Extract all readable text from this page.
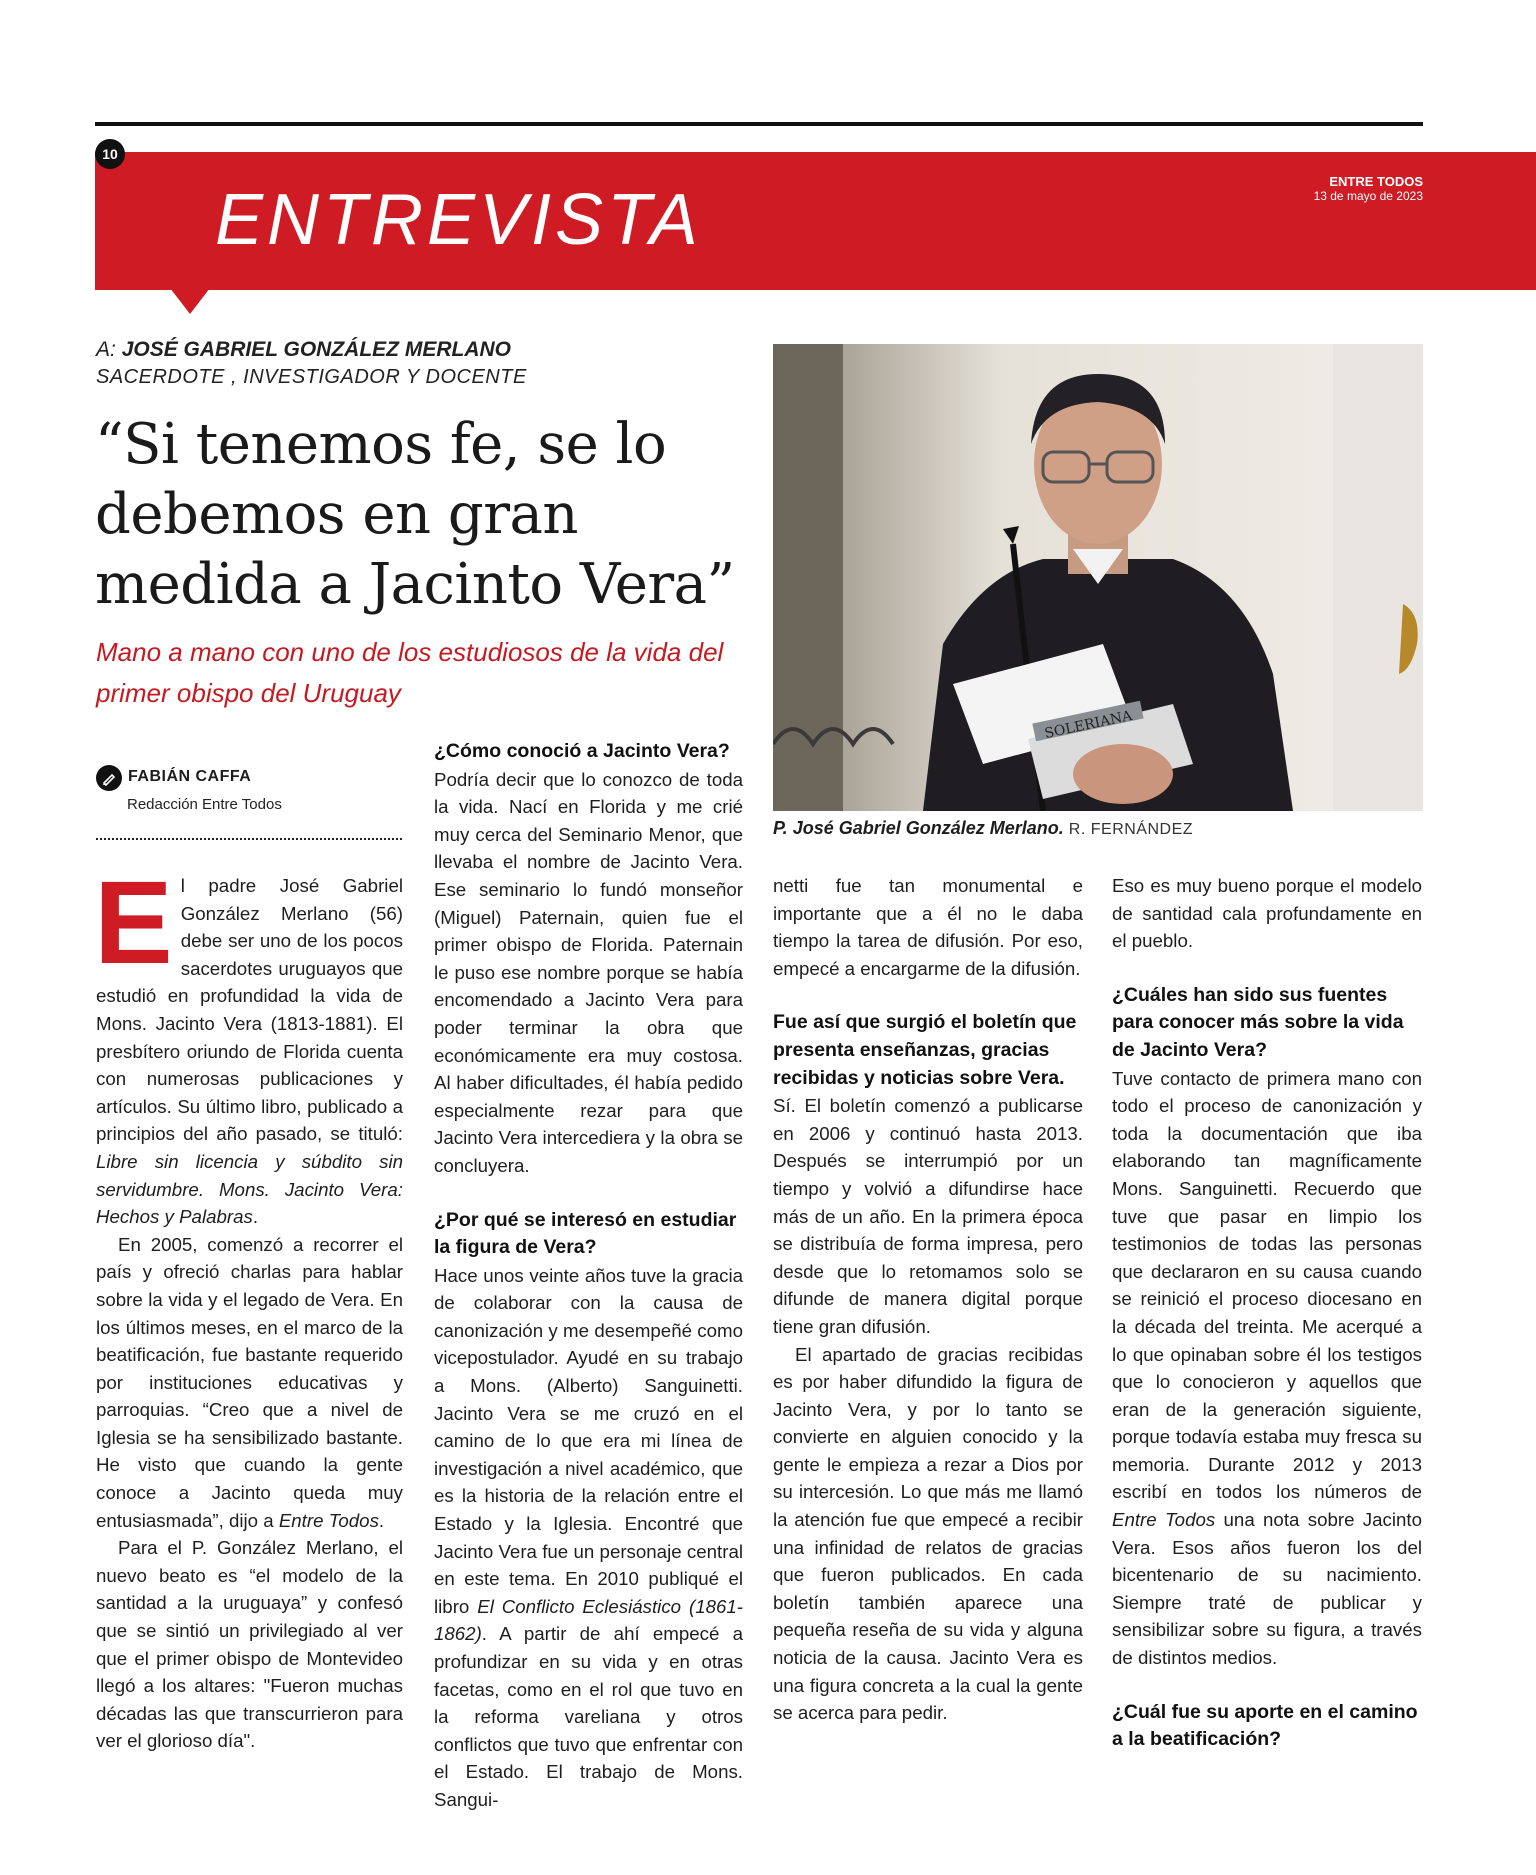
10
ENTREVISTA	ENTRE TODOS
13 de mayo de 2023
A: JOSÉ GABRIEL GONZÁLEZ MERLANO
SACERDOTE , INVESTIGADOR Y DOCENTE
“Si tenemos fe, se lo debemos en gran medida a Jacinto Vera”

Mano a mano con uno de los estudiosos de la vida del primer obispo del Uruguay

FABIÁN CAFFA
Redacción Entre Todos

El padre José Gabriel González Merlano (56) debe ser uno de los pocos sacerdotes uruguayos que estudió en profundidad la vida de Mons. Jacinto Vera (1813-1881). El presbítero oriundo de Florida cuenta con numerosas publicaciones y artículos. Su último libro, publicado a principios del año pasado, se tituló: Libre sin licencia y súbdito sin servidumbre. Mons. Jacinto Vera: Hechos y Palabras.

En 2005, comenzó a recorrer el país y ofreció charlas para hablar sobre la vida y el legado de Vera. En los últimos meses, en el marco de la beatificación, fue bastante requerido por instituciones educativas y parroquias. “Creo que a nivel de Iglesia se ha sensibilizado bastante. He visto que cuando la gente conoce a Jacinto queda muy entusiasmada”, dijo a Entre Todos.

Para el P. González Merlano, el nuevo beato es “el modelo de la santidad a la uruguaya” y confesó que se sintió un privilegiado al ver que el primer obispo de Montevideo llegó a los altares: "Fueron muchas décadas las que transcurrieron para ver el glorioso día".

¿Cómo conoció a Jacinto Vera?

Podría decir que lo conozco de toda la vida. Nací en Florida y me crié muy cerca del Seminario Menor, que llevaba el nombre de Jacinto Vera. Ese seminario lo fundó monseñor (Miguel) Paternain, quien fue el primer obispo de Florida. Paternain le puso ese nombre porque se había encomendado a Jacinto Vera para poder terminar la obra que económicamente era muy costosa. Al haber dificultades, él había pedido especialmente rezar para que Jacinto Vera intercediera y la obra se concluyera.

¿Por qué se interesó en estudiar la figura de Vera?

Hace unos veinte años tuve la gracia de colaborar con la causa de canonización y me desempeñé como vicepostulador. Ayudé en su trabajo a Mons. (Alberto) Sanguinetti. Jacinto Vera se me cruzó en el camino de lo que era mi línea de investigación a nivel académico, que es la historia de la relación entre el Estado y la Iglesia. Encontré que Jacinto Vera fue un personaje central en este tema. En 2010 publiqué el libro El Conflicto Eclesiástico (1861-1862). A partir de ahí empecé a profundizar en su vida y en otras facetas, como en el rol que tuvo en la reforma vareliana y otros conflictos que tuvo que enfrentar con el Estado. El trabajo de Mons. Sangui-

SOLERIANA
P. José Gabriel González Merlano. R. FERNÁNDEZ

netti fue tan monumental e importante que a él no le daba tiempo la tarea de difusión. Por eso, empecé a encargarme de la difusión.

Fue así que surgió el boletín que presenta enseñanzas, gracias recibidas y noticias sobre Vera.

Sí. El boletín comenzó a publicarse en 2006 y continuó hasta 2013. Después se interrumpió por un tiempo y volvió a difundirse hace más de un año. En la primera época se distribuía de forma impresa, pero desde que lo retomamos solo se difunde de manera digital porque tiene gran difusión.

El apartado de gracias recibidas es por haber difundido la figura de Jacinto Vera, y por lo tanto se convierte en alguien conocido y la gente le empieza a rezar a Dios por su intercesión. Lo que más me llamó la atención fue que empecé a recibir una infinidad de relatos de gracias que fueron publicados. En cada boletín también aparece una pequeña reseña de su vida y alguna noticia de la causa. Jacinto Vera es una figura concreta a la cual la gente se acerca para pedir.

Eso es muy bueno porque el modelo de santidad cala profundamente en el pueblo.

¿Cuáles han sido sus fuentes para conocer más sobre la vida de Jacinto Vera?

Tuve contacto de primera mano con todo el proceso de canonización y toda la documentación que iba elaborando tan magníficamente Mons. Sanguinetti. Recuerdo que tuve que pasar en limpio los testimonios de todas las personas que declararon en su causa cuando se reinició el proceso diocesano en la década del treinta. Me acerqué a lo que opinaban sobre él los testigos que lo conocieron y aquellos que eran de la generación siguiente, porque todavía estaba muy fresca su memoria. Durante 2012 y 2013 escribí en todos los números de Entre Todos una nota sobre Jacinto Vera. Esos años fueron los del bicentenario de su nacimiento. Siempre traté de publicar y sensibilizar sobre su figura, a través de distintos medios.

¿Cuál fue su aporte en el camino a la beatificación?
